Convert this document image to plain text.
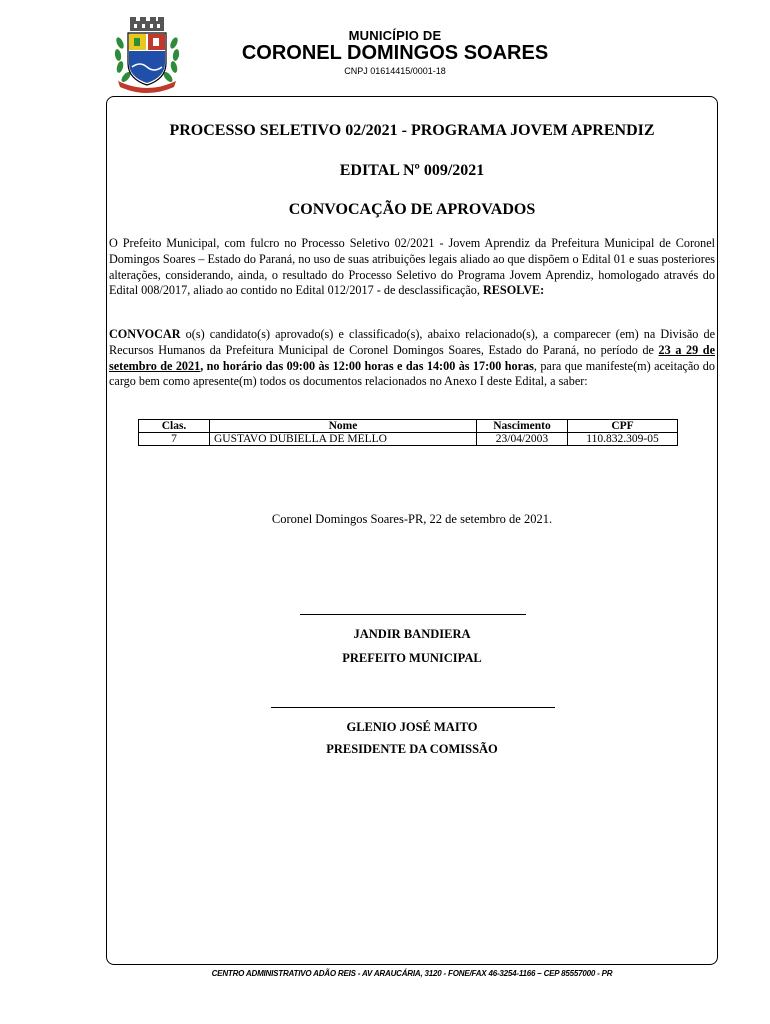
MUNICÍPIO DE
CORONEL DOMINGOS SOARES
CNPJ 01614415/0001-18
PROCESSO SELETIVO 02/2021 - PROGRAMA JOVEM APRENDIZ
EDITAL Nº 009/2021
CONVOCAÇÃO DE APROVADOS

O Prefeito Municipal, com fulcro no Processo Seletivo 02/2021 - Jovem Aprendiz da Prefeitura Municipal de Coronel Domingos Soares – Estado do Paraná, no uso de suas atribuições legais aliado ao que dispõem o Edital 01 e suas posteriores alterações, considerando, ainda, o resultado do Processo Seletivo do Programa Jovem Aprendiz, homologado através do Edital 008/2017, aliado ao contido no Edital 012/2017 - de desclassificação, RESOLVE:

CONVOCAR o(s) candidato(s) aprovado(s) e classificado(s), abaixo relacionado(s), a comparecer (em) na Divisão de Recursos Humanos da Prefeitura Municipal de Coronel Domingos Soares, Estado do Paraná, no período de 23 a 29 de setembro de 2021, no horário das 09:00 às 12:00 horas e das 14:00 às 17:00 horas, para que manifeste(m) aceitação do cargo bem como apresente(m) todos os documentos relacionados no Anexo I deste Edital, a saber:

Clas.	Nome	Nascimento	CPF
7	GUSTAVO DUBIELLA DE MELLO	23/04/2003	110.832.309-05
Coronel Domingos Soares-PR, 22 de setembro de 2021.
JANDIR BANDIERA
PREFEITO MUNICIPAL
GLENIO JOSÉ MAITO
PRESIDENTE DA COMISSÃO
CENTRO ADMINISTRATIVO ADÃO REIS - AV ARAUCÁRIA, 3120 - FONE/FAX 46-3254-1166 – CEP 85557000 - PR
